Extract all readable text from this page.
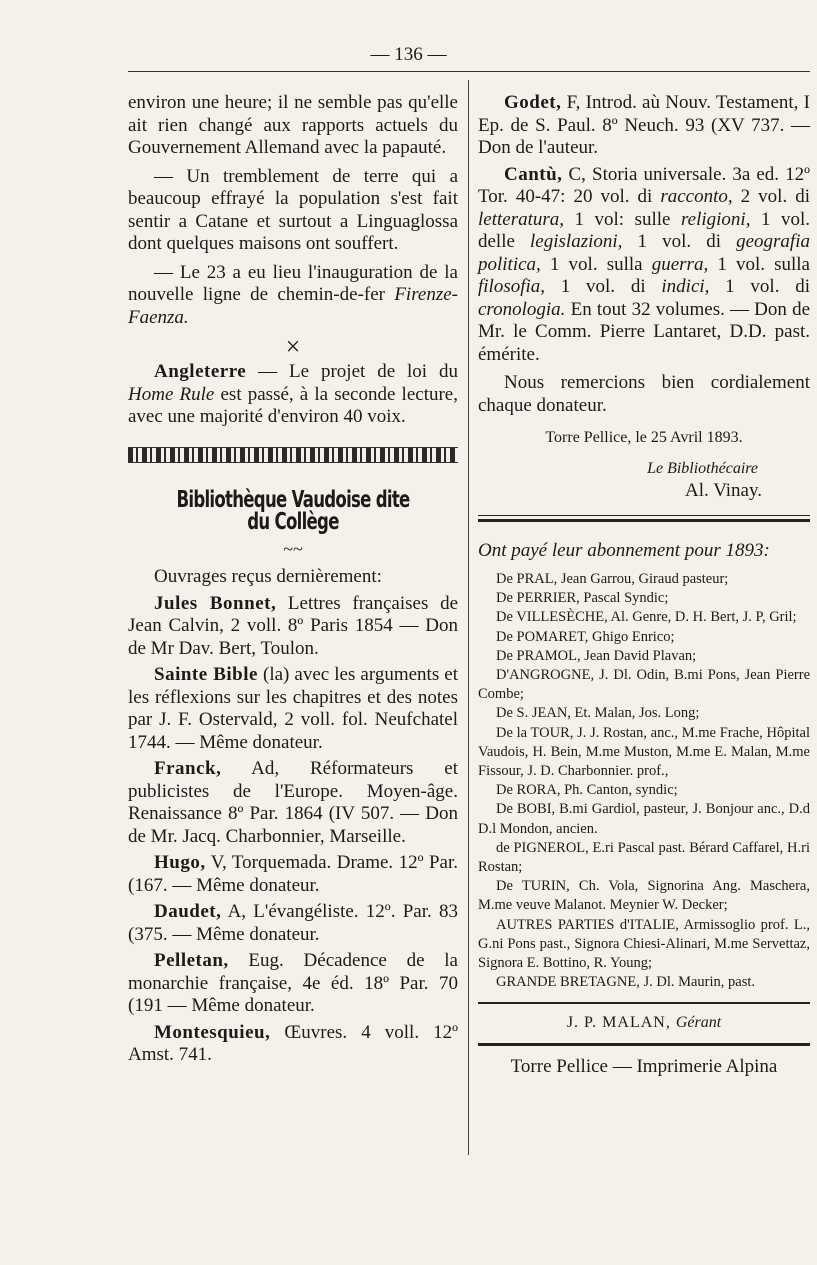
— 136 —

environ une heure; il ne semble pas qu'elle ait rien changé aux rapports actuels du Gouvernement Allemand avec la papauté.

— Un tremblement de terre qui a beaucoup effrayé la population s'est fait sentir a Catane et surtout a Linguaglossa dont quelques maisons ont souffert.

— Le 23 a eu lieu l'inauguration de la nouvelle ligne de chemin-de-fer Firenze-Faenza.

×

Angleterre — Le projet de loi du Home Rule est passé, à la seconde lecture, avec une majorité d'environ 40 voix.

Bibliothèque Vaudoise dite du Collège
~~

Ouvrages reçus dernièrement:

Jules Bonnet, Lettres françaises de Jean Calvin, 2 voll. 8º Paris 1854 — Don de Mr Dav. Bert, Toulon.

Sainte Bible (la) avec les arguments et les réflexions sur les chapitres et des notes par J. F. Ostervald, 2 voll. fol. Neufchatel 1744. — Même donateur.

Franck, Ad, Réformateurs et publicistes de l'Europe. Moyen-âge. Renaissance 8º Par. 1864 (IV 507. — Don de Mr. Jacq. Charbonnier, Marseille.

Hugo, V, Torquemada. Drame. 12º Par. (167. — Même donateur.

Daudet, A, L'évangéliste. 12º. Par. 83 (375. — Même donateur.

Pelletan, Eug. Décadence de la monarchie française, 4e éd. 18º Par. 70 (191 — Même donateur.

Montesquieu, Œuvres. 4 voll. 12º Amst. 741.

Godet, F, Introd. aù Nouv. Testament, I Ep. de S. Paul. 8º Neuch. 93 (XV 737. — Don de l'auteur.

Cantù, C, Storia universale. 3a ed. 12º Tor. 40-47: 20 vol. di racconto, 2 vol. di letteratura, 1 vol: sulle religioni, 1 vol. delle legislazioni, 1 vol. di geografia politica, 1 vol. sulla guerra, 1 vol. sulla filosofia, 1 vol. di indici, 1 vol. di cronologia. En tout 32 volumes. — Don de Mr. le Comm. Pierre Lantaret, D.D. past. émérite.

Nous remercions bien cordialement chaque donateur.

Torre Pellice, le 25 Avril 1893.
Le Bibliothécaire
Al. Vinay.
Ont payé leur abonnement pour 1893:

De PRAL, Jean Garrou, Giraud pasteur;

De PERRIER, Pascal Syndic;

De VILLESÈCHE, Al. Genre, D. H. Bert, J. P, Gril;

De POMARET, Ghigo Enrico;

De PRAMOL, Jean David Plavan;

D'ANGROGNE, J. Dl. Odin, B.mi Pons, Jean Pierre Combe;

De S. JEAN, Et. Malan, Jos. Long;

De la TOUR, J. J. Rostan, anc., M.me Frache, Hôpital Vaudois, H. Bein, M.me Muston, M.me E. Malan, M.me Fissour, J. D. Charbonnier. prof.,

De RORA, Ph. Canton, syndic;

De BOBI, B.mi Gardiol, pasteur, J. Bonjour anc., D.d D.l Mondon, ancien.

de PIGNEROL, E.ri Pascal past. Bérard Caffarel, H.ri Rostan;

De TURIN, Ch. Vola, Signorina Ang. Maschera, M.me veuve Malanot. Meynier W. Decker;

AUTRES PARTIES d'ITALIE, Armissoglio prof. L., G.ni Pons past., Signora Chiesi-Alinari, M.me Servettaz, Signora E. Bottino, R. Young;

GRANDE BRETAGNE, J. Dl. Maurin, past.

J. P. MALAN, Gérant
Torre Pellice — Imprimerie Alpina
